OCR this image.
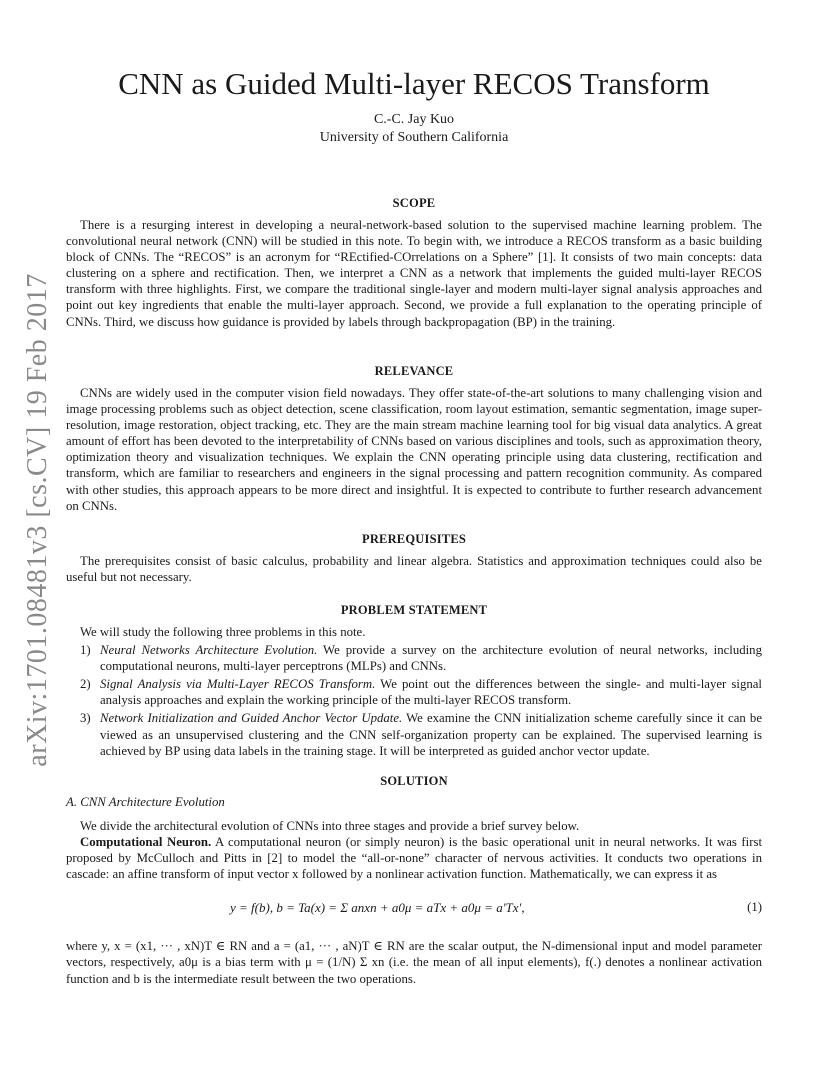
arXiv:1701.08481v3 [cs.CV] 19 Feb 2017
CNN as Guided Multi-layer RECOS Transform
C.-C. Jay Kuo
University of Southern California
SCOPE

There is a resurging interest in developing a neural-network-based solution to the supervised machine learning problem. The convolutional neural network (CNN) will be studied in this note. To begin with, we introduce a RECOS transform as a basic building block of CNNs. The “RECOS” is an acronym for “REctified-COrrelations on a Sphere” [1]. It consists of two main concepts: data clustering on a sphere and rectification. Then, we interpret a CNN as a network that implements the guided multi-layer RECOS transform with three highlights. First, we compare the traditional single-layer and modern multi-layer signal analysis approaches and point out key ingredients that enable the multi-layer approach. Second, we provide a full explanation to the operating principle of CNNs. Third, we discuss how guidance is provided by labels through backpropagation (BP) in the training.

RELEVANCE

CNNs are widely used in the computer vision field nowadays. They offer state-of-the-art solutions to many challenging vision and image processing problems such as object detection, scene classification, room layout estimation, semantic segmentation, image super-resolution, image restoration, object tracking, etc. They are the main stream machine learning tool for big visual data analytics. A great amount of effort has been devoted to the interpretability of CNNs based on various disciplines and tools, such as approximation theory, optimization theory and visualization techniques. We explain the CNN operating principle using data clustering, rectification and transform, which are familiar to researchers and engineers in the signal processing and pattern recognition community. As compared with other studies, this approach appears to be more direct and insightful. It is expected to contribute to further research advancement on CNNs.

PREREQUISITES

The prerequisites consist of basic calculus, probability and linear algebra. Statistics and approximation techniques could also be useful but not necessary.

PROBLEM STATEMENT

We will study the following three problems in this note.

1) Neural Networks Architecture Evolution. We provide a survey on the architecture evolution of neural networks, including computational neurons, multi-layer perceptrons (MLPs) and CNNs.
2) Signal Analysis via Multi-Layer RECOS Transform. We point out the differences between the single- and multi-layer signal analysis approaches and explain the working principle of the multi-layer RECOS transform.
3) Network Initialization and Guided Anchor Vector Update. We examine the CNN initialization scheme carefully since it can be viewed as an unsupervised clustering and the CNN self-organization property can be explained. The supervised learning is achieved by BP using data labels in the training stage. It will be interpreted as guided anchor vector update.
SOLUTION
A. CNN Architecture Evolution

We divide the architectural evolution of CNNs into three stages and provide a brief survey below.

Computational Neuron. A computational neuron (or simply neuron) is the basic operational unit in neural networks. It was first proposed by McCulloch and Pitts in [2] to model the “all-or-none” character of nervous activities. It conducts two operations in cascade: an affine transform of input vector x followed by a nonlinear activation function. Mathematically, we can express it as

y = f(b), b = Ta(x) = Σ anxn + a0μ = aTx + a0μ = a′Tx′,	(1)

where y, x = (x1, ··· , xN)T ∈ RN and a = (a1, ··· , aN)T ∈ RN are the scalar output, the N-dimensional input and model parameter vectors, respectively, a0μ is a bias term with μ = (1/N) Σ xn (i.e. the mean of all input elements), f(.) denotes a nonlinear activation function and b is the intermediate result between the two operations.
